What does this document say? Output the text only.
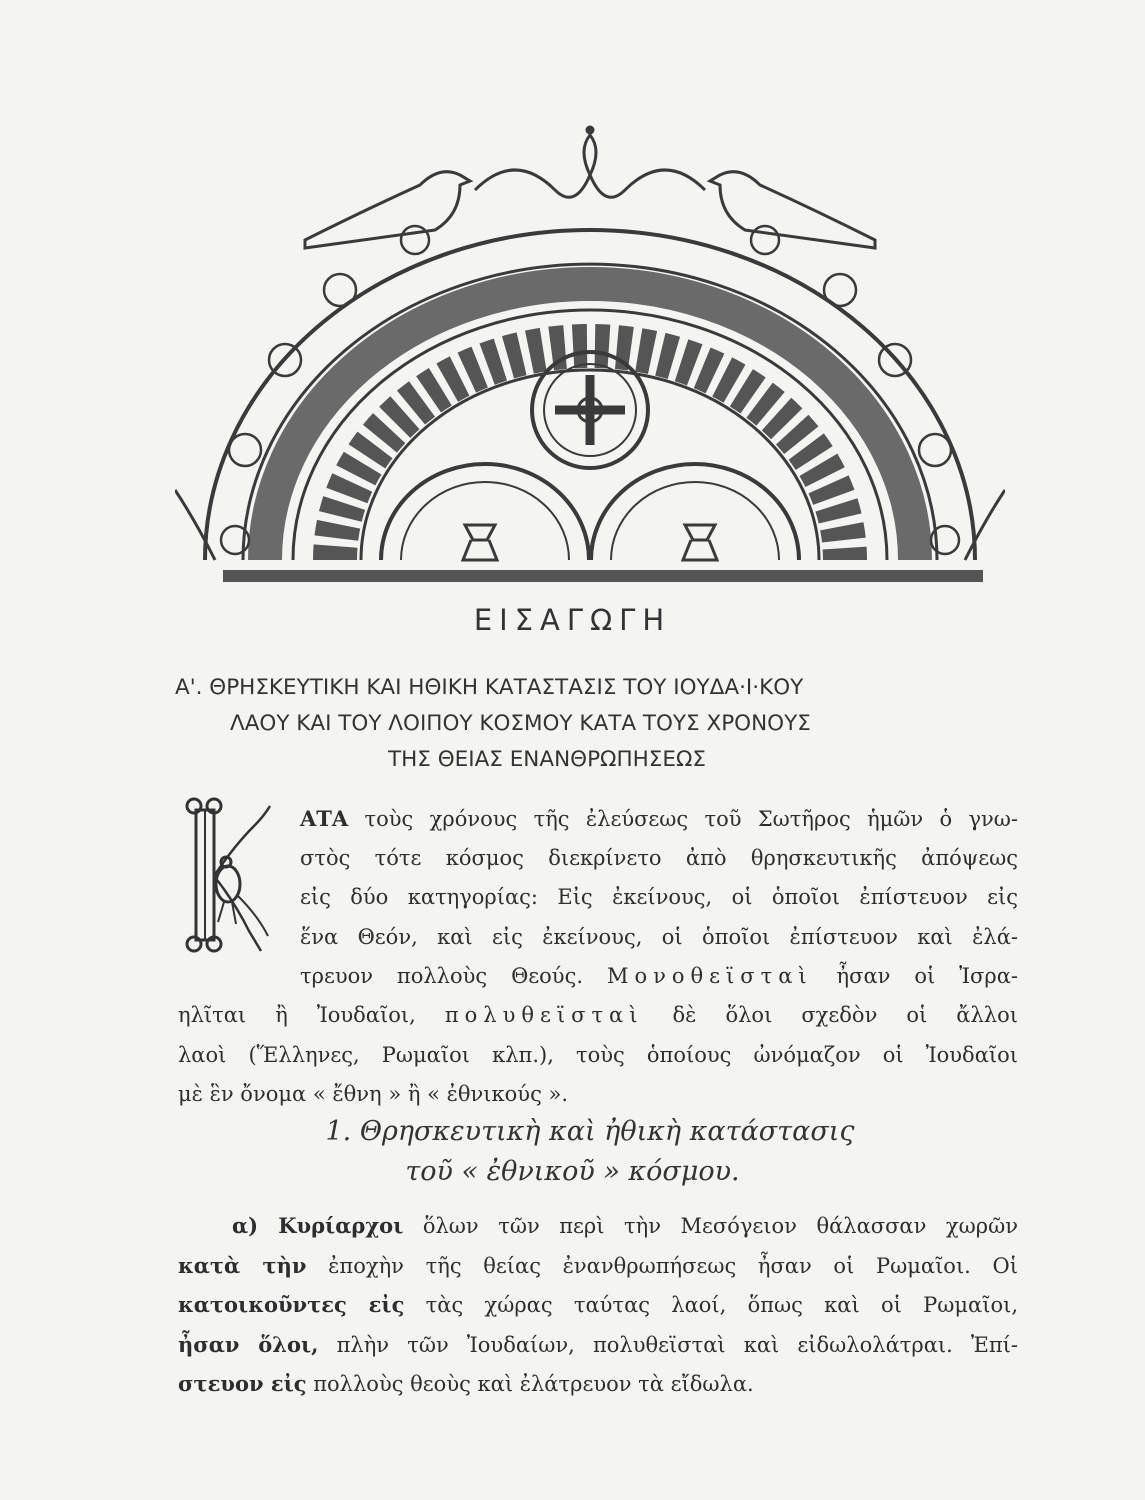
ΕΙΣΑΓΩΓΗ
Α'. ΘΡΗΣΚΕΥΤΙΚΗ ΚΑΙ ΗΘΙΚΗ ΚΑΤΑΣΤΑΣΙΣ ΤΟΥ ΙΟΥΔΑ·Ι·ΚΟΥ
ΛΑΟΥ ΚΑΙ ΤΟΥ ΛΟΙΠΟΥ ΚΟΣΜΟΥ ΚΑΤΑ ΤΟΥΣ ΧΡΟΝΟΥΣ
ΤΗΣ ΘΕΙΑΣ ΕΝΑΝΘΡΩΠΗΣΕΩΣ
ΑΤΑ τοὺς χρόνους τῆς ἐλεύσεως τοῦ Σωτῆρος ἡμῶν ὁ γνω-
στὸς τότε κόσμος διεκρίνετο ἀπὸ θρησκευτικῆς ἀπόψεως
εἰς δύο κατηγορίας: Εἰς ἐκείνους, οἱ ὁποῖοι ἐπίστευον εἰς
ἕνα Θεόν, καὶ εἰς ἐκείνους, οἱ ὁποῖοι ἐπίστευον καὶ ἐλά-
τρευον πολλοὺς Θεούς. Μονοθεϊσταὶ ἦσαν οἱ Ἰσρα-
ηλῖται ἢ Ἰουδαῖοι, πολυθεϊσταὶ δὲ ὅλοι σχεδὸν οἱ ἄλλοι
λαοὶ (Ἕλληνες, Ρωμαῖοι κλπ.), τοὺς ὁποίους ὠνόμαζον οἱ Ἰουδαῖοι
μὲ ἓν ὄνομα « ἔθνη » ἢ « ἐθνικούς ».
1. Θρησκευτικὴ καὶ ἠθικὴ κατάστασις
τοῦ « ἐθνικοῦ » κόσμου.
α) Κυρίαρχοι ὅλων τῶν περὶ τὴν Μεσόγειον θάλασσαν χωρῶν
κατὰ τὴν ἐποχὴν τῆς θείας ἐνανθρωπήσεως ἦσαν οἱ Ρωμαῖοι. Οἱ
κατοικοῦντες εἰς τὰς χώρας ταύτας λαοί, ὅπως καὶ οἱ Ρωμαῖοι,
ἦσαν ὅλοι, πλὴν τῶν Ἰουδαίων, πολυθεϊσταὶ καὶ εἰδωλολάτραι. Ἐπί-
στευον εἰς πολλοὺς θεοὺς καὶ ἐλάτρευον τὰ εἴδωλα.
